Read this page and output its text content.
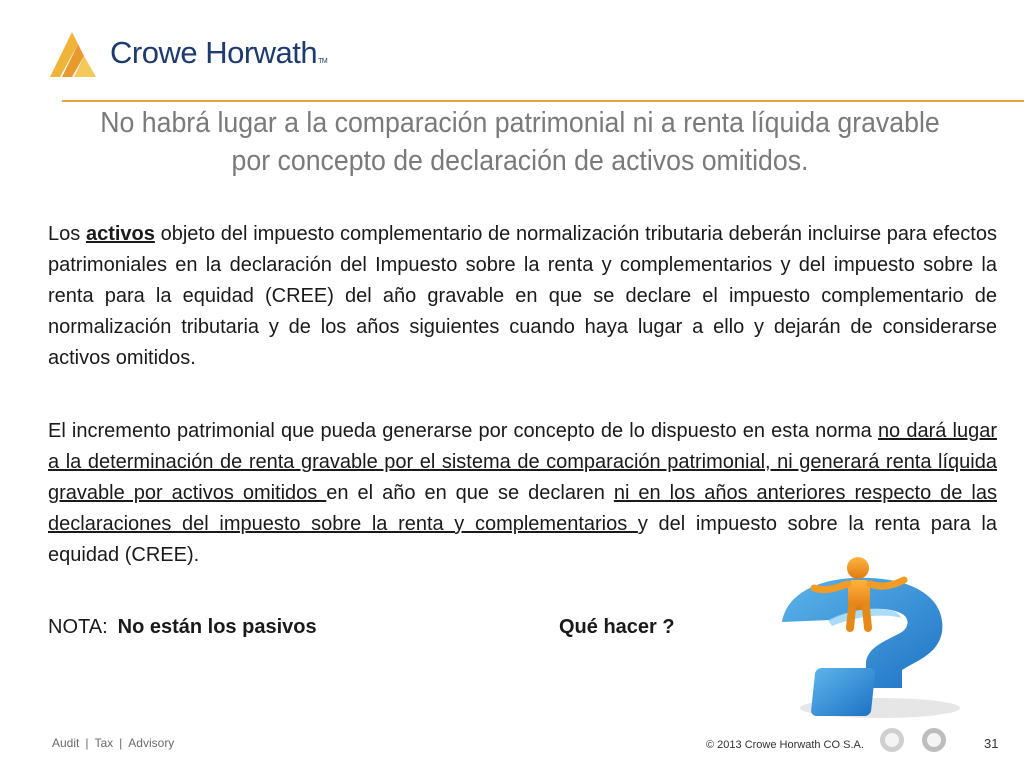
Crowe HorwathTM
No habrá lugar a la comparación patrimonial ni a renta líquida gravable por concepto de declaración de activos omitidos.
Los activos objeto del impuesto complementario de normalización tributaria deberán incluirse para efectos patrimoniales en la declaración del Impuesto sobre la renta y complementarios y del impuesto sobre la renta para la equidad (CREE) del año gravable en que se declare el impuesto complementario de normalización tributaria y de los años siguientes cuando haya lugar a ello y dejarán de considerarse activos omitidos.
El incremento patrimonial que pueda generarse por concepto de lo dispuesto en esta norma no dará lugar a la determinación de renta gravable por el sistema de comparación patrimonial, ni generará renta líquida gravable por activos omitidos en el año en que se declaren ni en los años anteriores respecto de las declaraciones del impuesto sobre la renta y complementarios y del impuesto sobre la renta para la equidad (CREE).
NOTA: No están los pasivos	Qué hacer ?
Audit | Tax | Advisory	© 2013 Crowe Horwath CO S.A.	31
